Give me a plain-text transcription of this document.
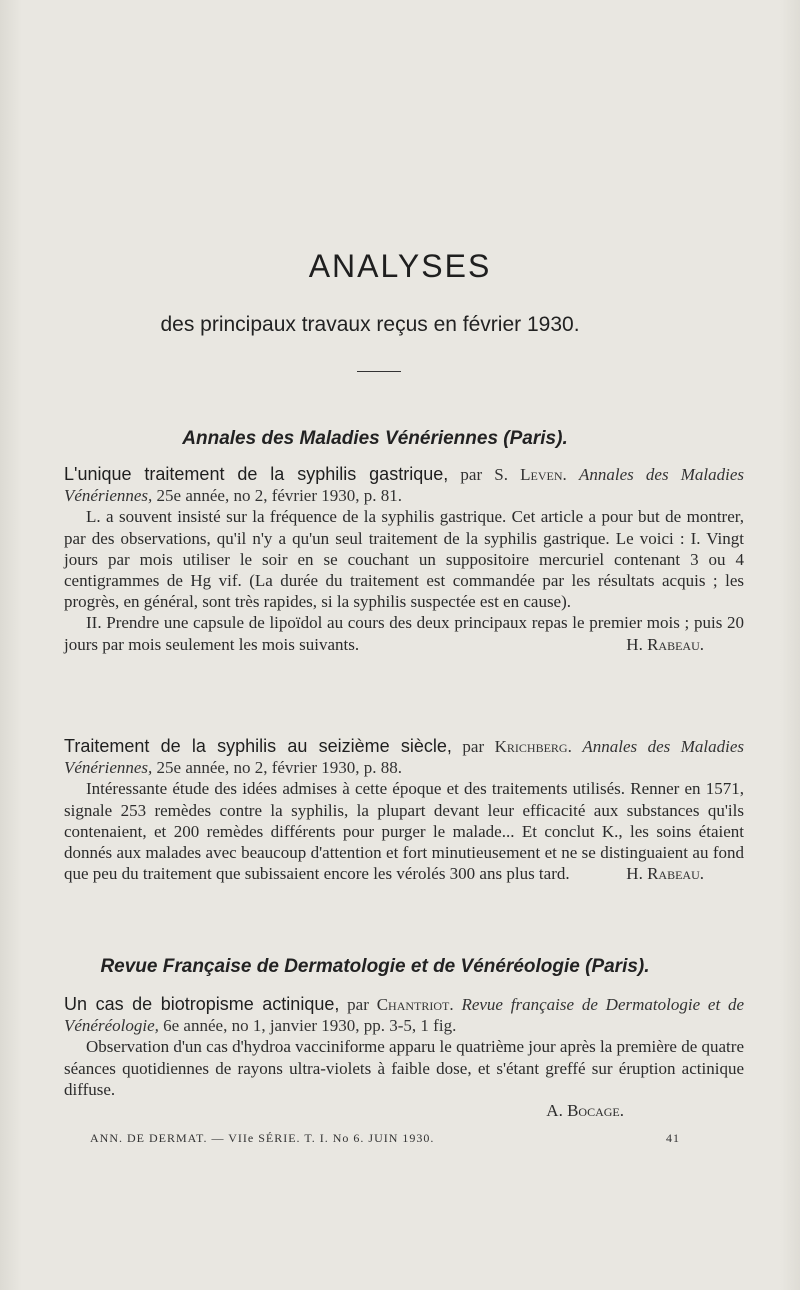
ANALYSES
des principaux travaux reçus en février 1930.
Annales des Maladies Vénériennes (Paris).
L'unique traitement de la syphilis gastrique, par S. Leven. Annales des Maladies Vénériennes, 25e année, no 2, février 1930, p. 81.

L. a souvent insisté sur la fréquence de la syphilis gastrique. Cet article a pour but de montrer, par des observations, qu'il n'y a qu'un seul traitement de la syphilis gastrique. Le voici : I. Vingt jours par mois utiliser le soir en se couchant un suppositoire mercuriel contenant 3 ou 4 centigrammes de Hg vif. (La durée du traitement est commandée par les résultats acquis ; les progrès, en général, sont très rapides, si la syphilis suspectée est en cause).

II. Prendre une capsule de lipoïdol au cours des deux principaux repas le premier mois ; puis 20 jours par mois seulement les mois suivants.	H. Rabeau.
Traitement de la syphilis au seizième siècle, par Krichberg. Annales des Maladies Vénériennes, 25e année, no 2, février 1930, p. 88.

Intéressante étude des idées admises à cette époque et des traitements utilisés. Renner en 1571, signale 253 remèdes contre la syphilis, la plupart devant leur efficacité aux substances qu'ils contenaient, et 200 remèdes différents pour purger le malade... Et conclut K., les soins étaient donnés aux malades avec beaucoup d'attention et fort minutieusement et ne se distinguaient au fond que peu du traitement que subissaient encore les vérolés 300 ans plus tard.	H. Rabeau.
Revue Française de Dermatologie et de Vénéréologie (Paris).
Un cas de biotropisme actinique, par Chantriot. Revue française de Dermatologie et de Vénéréologie, 6e année, no 1, janvier 1930, pp. 3-5, 1 fig.

Observation d'un cas d'hydroa vacciniforme apparu le quatrième jour après la première de quatre séances quotidiennes de rayons ultra-violets à faible dose, et s'étant greffé sur éruption actinique diffuse.

A. Bocage.
ANN. DE DERMAT. — VIIe SÉRIE. T. I. No 6. JUIN 1930.	41
